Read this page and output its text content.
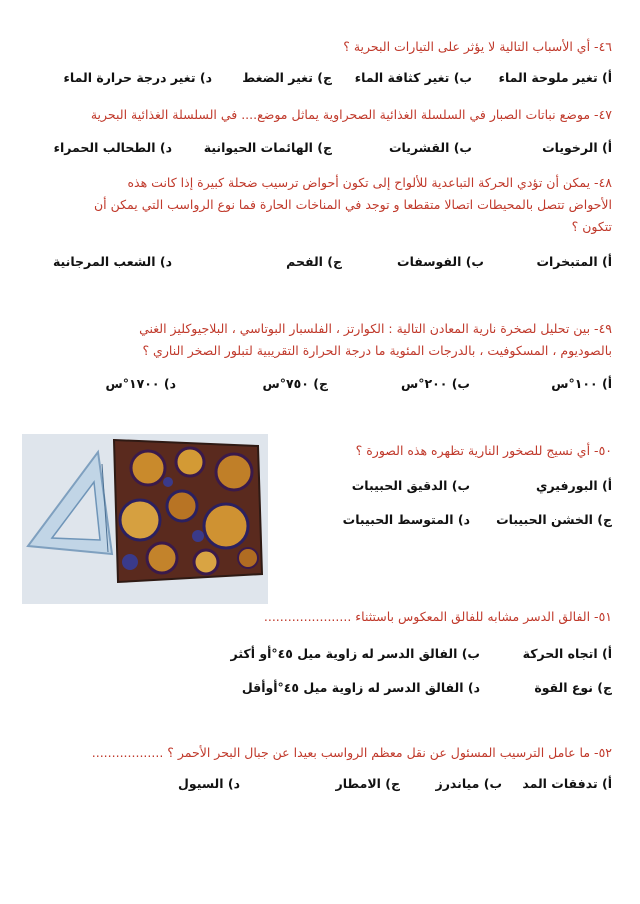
٤٦- أي الأسباب التالية لا يؤثر على التيارات البحرية ؟
أ) تغير ملوحة الماء
ب) تغير كثافة الماء
ج) تغير الضغط
د) تغير درجة حرارة الماء
٤٧- موضع نباتات الصبار في السلسلة الغذائية الصحراوية يماثل موضع.... في السلسلة الغذائية البحرية
أ) الرخويات
ب) القشريات
ج) الهائمات الحيوانية
د) الطحالب الحمراء
٤٨- يمكن أن تؤدي الحركة التباعدية للألواح إلى تكون أحواض ترسيب ضحلة كبيرة إذا كانت هذه
الأحواض تتصل بالمحيطات اتصالا متقطعا و توجد في المناخات الحارة فما نوع الرواسب التي يمكن أن
تتكون ؟
أ) المتبخرات
ب) الفوسفات
ج) الفحم
د) الشعب المرجانية
٤٩- بين تحليل لصخرة نارية المعادن التالية : الكوارتز ، الفلسبار البوتاسي ، البلاجيوكليز الغني
بالصوديوم ، المسكوفيت ، بالدرجات المئوية ما درجة الحرارة التقريبية لتبلور الصخر الناري ؟
أ) ١٠٠°س
ب) ٢٠٠°س
ج) ٧٥٠°س
د) ١٧٠٠°س
٥٠- أي نسيج للصخور النارية تظهره هذه الصورة ؟
أ) البورفيري
ب) الدقيق الحبيبات
ج) الخشن الحبيبات
د) المتوسط الحبيبات
٥١- الفالق الدسر مشابه للفالق المعكوس باستثناء ......................
أ) اتجاه الحركة
ب) الفالق الدسر له زاوية ميل ٤٥°أو أكثر
ج) نوع القوة
د) الفالق الدسر له زاوية ميل ٤٥°أوأقل
٥٢- ما عامل الترسيب المسئول عن نقل معظم الرواسب بعيدا عن جبال البحر الأحمر ؟ ..................
أ) تدفقات المد
ب) مياندرز
ج) الامطار
د) السيول
